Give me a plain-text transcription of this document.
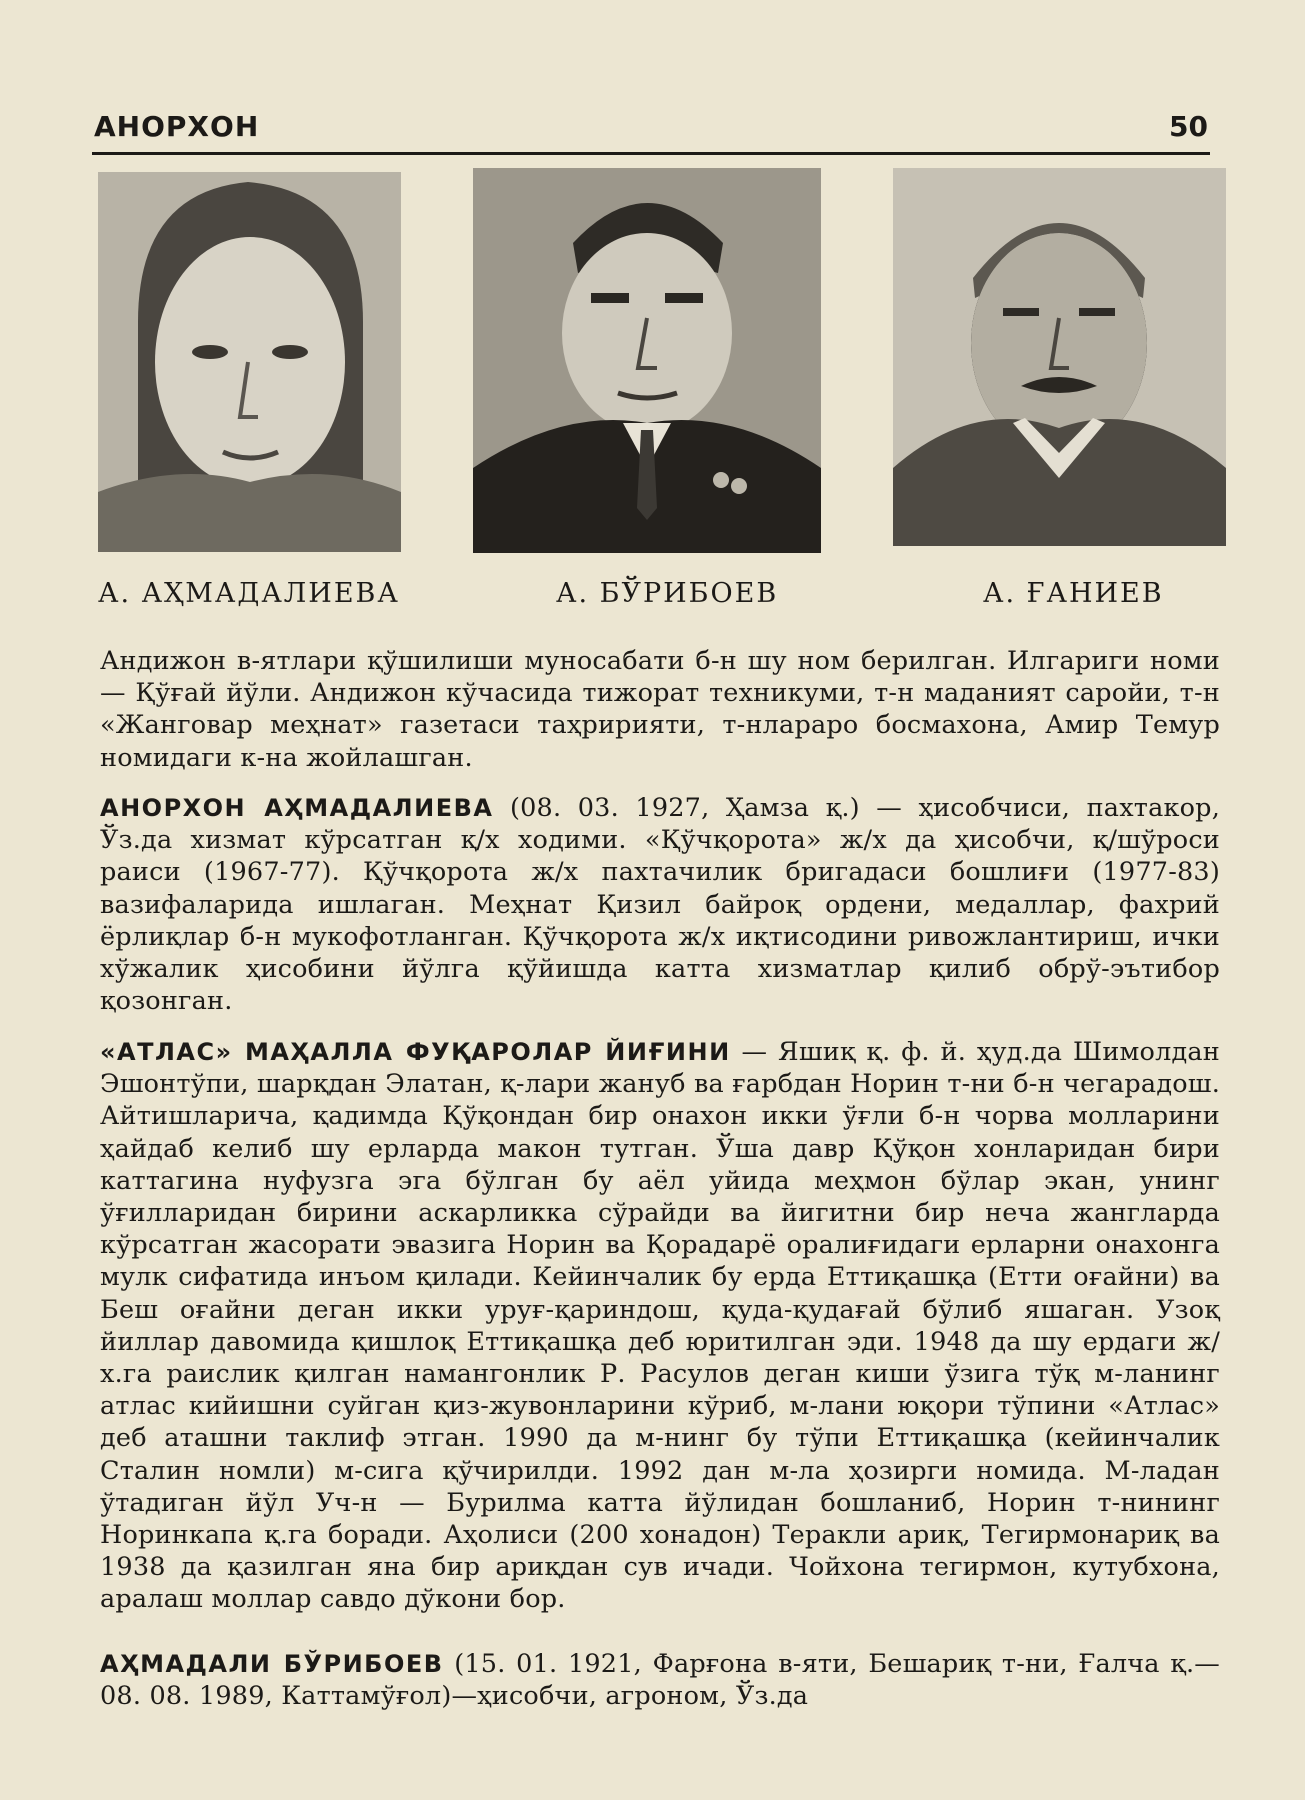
АНОРХОН	50
А. АҲМАДАЛИЕВА	А. БЎРИБОЕВ	А. ҒАНИЕВ
Андижон в-ятлари қўшилиши муносабати б-н шу ном берилган. Илгариги номи — Қўғай йўли. Андижон кўчасида тижорат техникуми, т-н маданият саройи, т-н «Жанговар меҳнат» газетаси таҳририяти, т-нлараро босмахона, Амир Темур номидаги к-на жойлашган.
АНОРХОН АҲМАДАЛИЕВА (08. 03. 1927, Ҳамза қ.) — ҳисобчиси, пахтакор, Ўз.да хизмат кўрсатган қ/х ходими. «Қўчқорота» ж/х да ҳисобчи, қ/шўроси раиси (1967-77). Қўчқорота ж/х пахтачилик бригадаси бошлиғи (1977-83) вазифаларида ишлаган. Меҳнат Қизил байроқ ордени, медаллар, фахрий ёрлиқлар б-н мукофотланган. Қўчқорота ж/х иқтисодини ривожлантириш, ички хўжалик ҳисобини йўлга қўйишда катта хизматлар қилиб обрў-эътибор қозонган.
«АТЛАС» МАҲАЛЛА ФУҚАРОЛАР ЙИҒИНИ — Яшиқ қ. ф. й. ҳуд.да Шимолдан Эшонтўпи, шарқдан Элатан, қ-лари жануб ва ғарбдан Норин т-ни б-н чегарадош. Айтишларича, қадимда Қўқондан бир онахон икки ўғли б-н чорва молларини ҳайдаб келиб шу ерларда макон тутган. Ўша давр Қўқон хонларидан бири каттагина нуфузга эга бўлган бу аёл уйида меҳмон бўлар экан, унинг ўғилларидан бирини аскарликка сўрайди ва йигитни бир неча жангларда кўрсатган жасорати эвазига Норин ва Қорадарё оралиғидаги ерларни онахонга мулк сифатида инъом қилади. Кейинчалик бу ерда Еттиқашқа (Етти оғайни) ва Беш оғайни деган икки уруғ-қариндош, қуда-қудағай бўлиб яшаган. Узоқ йиллар давомида қишлоқ Еттиқашқа деб юритилган эди. 1948 да шу ердаги ж/х.га раислик қилган намангонлик Р. Расулов деган киши ўзига тўқ м-ланинг атлас кийишни суйган қиз-жувонларини кўриб, м-лани юқори тўпини «Атлас» деб аташни таклиф этган. 1990 да м-нинг бу тўпи Еттиқашқа (кейинчалик Сталин номли) м-сига қўчирилди. 1992 дан м-ла ҳозирги номида. М-ладан ўтадиган йўл Уч-н — Бурилма катта йўлидан бошланиб, Норин т-нининг Норинкапа қ.га боради. Аҳолиси (200 хонадон) Теракли ариқ, Тегирмонариқ ва 1938 да қазилган яна бир ариқдан сув ичади. Чойхона тегирмон, кутубхона, аралаш моллар савдо дўкони бор.
АҲМАДАЛИ БЎРИБОЕВ (15. 01. 1921, Фарғона в-яти, Бешариқ т-ни, Ғалча қ.—08. 08. 1989, Каттамўғол)—ҳисобчи, агроном, Ўз.да
